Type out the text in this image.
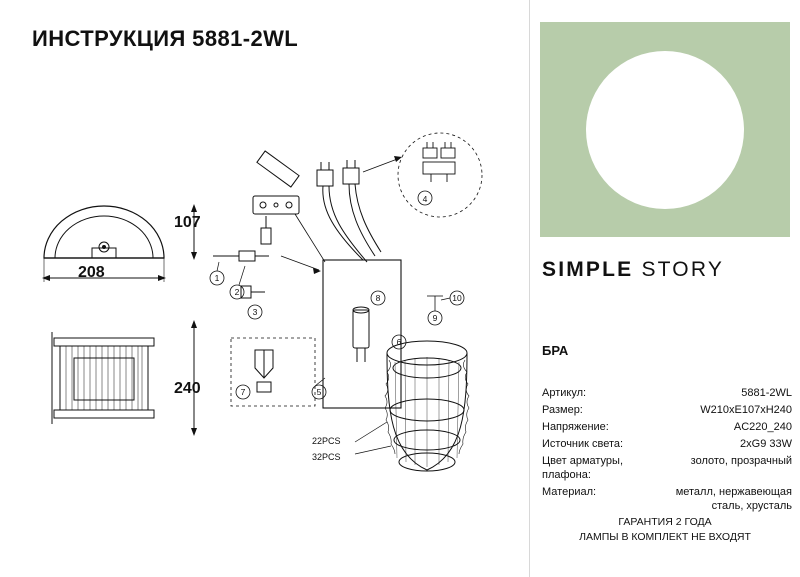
ИНСТРУКЦИЯ 5881-2WL
107
208
240
4
1
2
3
7	5
8
6
9
10
22PCS
32PCS
SIMPLE STORY
БРА
Артикул:	5881-2WL
Размер:	W210xE107xH240
Напряжение:	AC220_240
Источник света:	2xG9 33W
Цвет арматуры, плафона:
золото, прозрачный
Материал:	металл, нержавеющая сталь, хрусталь
ГАРАНТИЯ 2 ГОДА
ЛАМПЫ В КОМПЛЕКТ НЕ ВХОДЯТ
